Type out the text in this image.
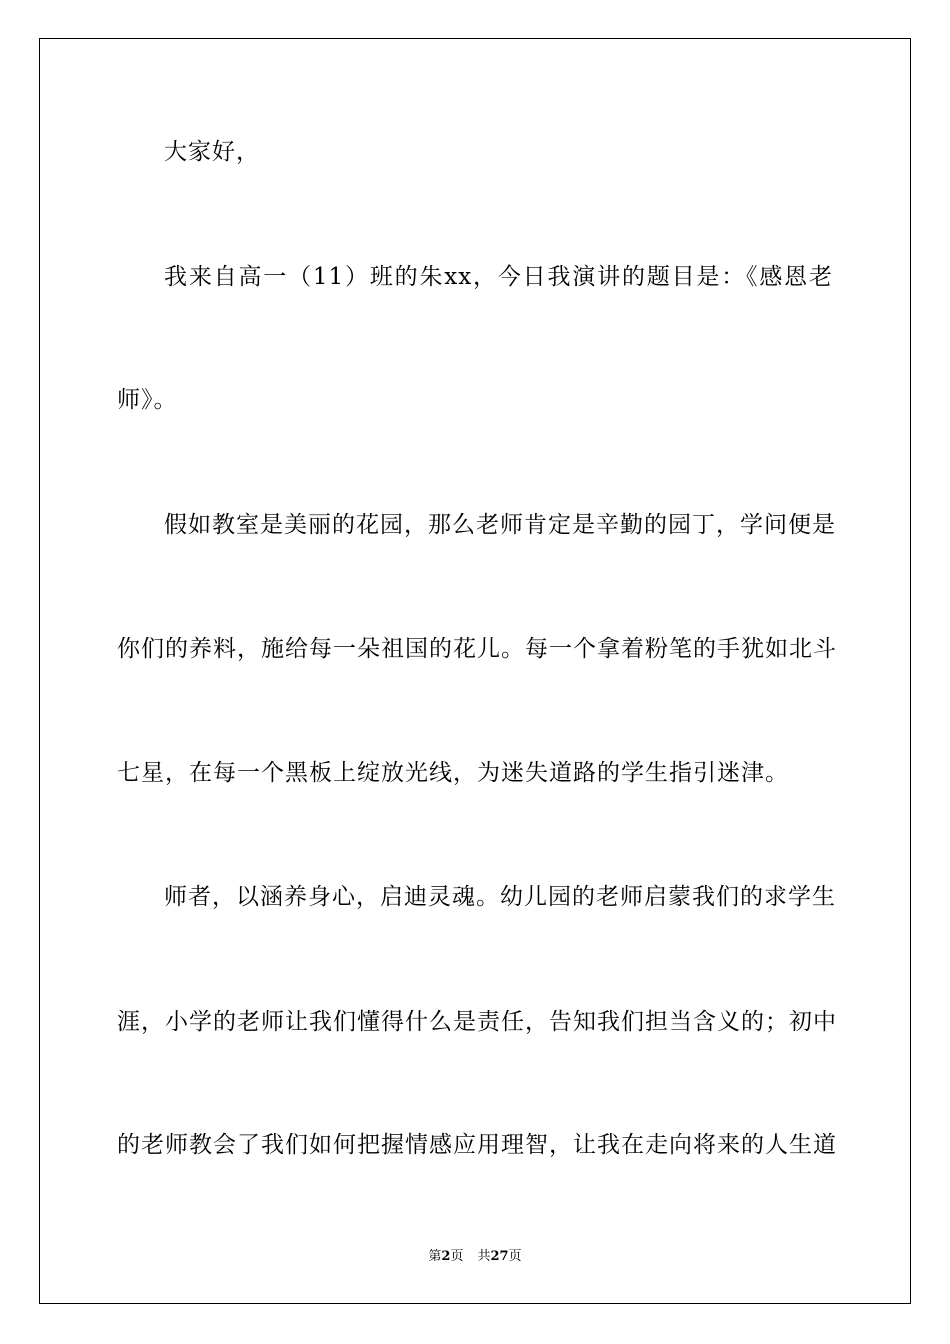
大家好，
我来自高一（11）班的朱xx，今日我演讲的题目是：《感恩老
师》。
假如教室是美丽的花园，那么老师肯定是辛勤的园丁，学问便是
你们的养料，施给每一朵祖国的花儿。每一个拿着粉笔的手犹如北斗
七星，在每一个黑板上绽放光线，为迷失道路的学生指引迷津。
师者，以涵养身心，启迪灵魂。幼儿园的老师启蒙我们的求学生
涯，小学的老师让我们懂得什么是责任，告知我们担当含义的；初中
的老师教会了我们如何把握情感应用理智，让我在走向将来的人生道
第2页 共27页
